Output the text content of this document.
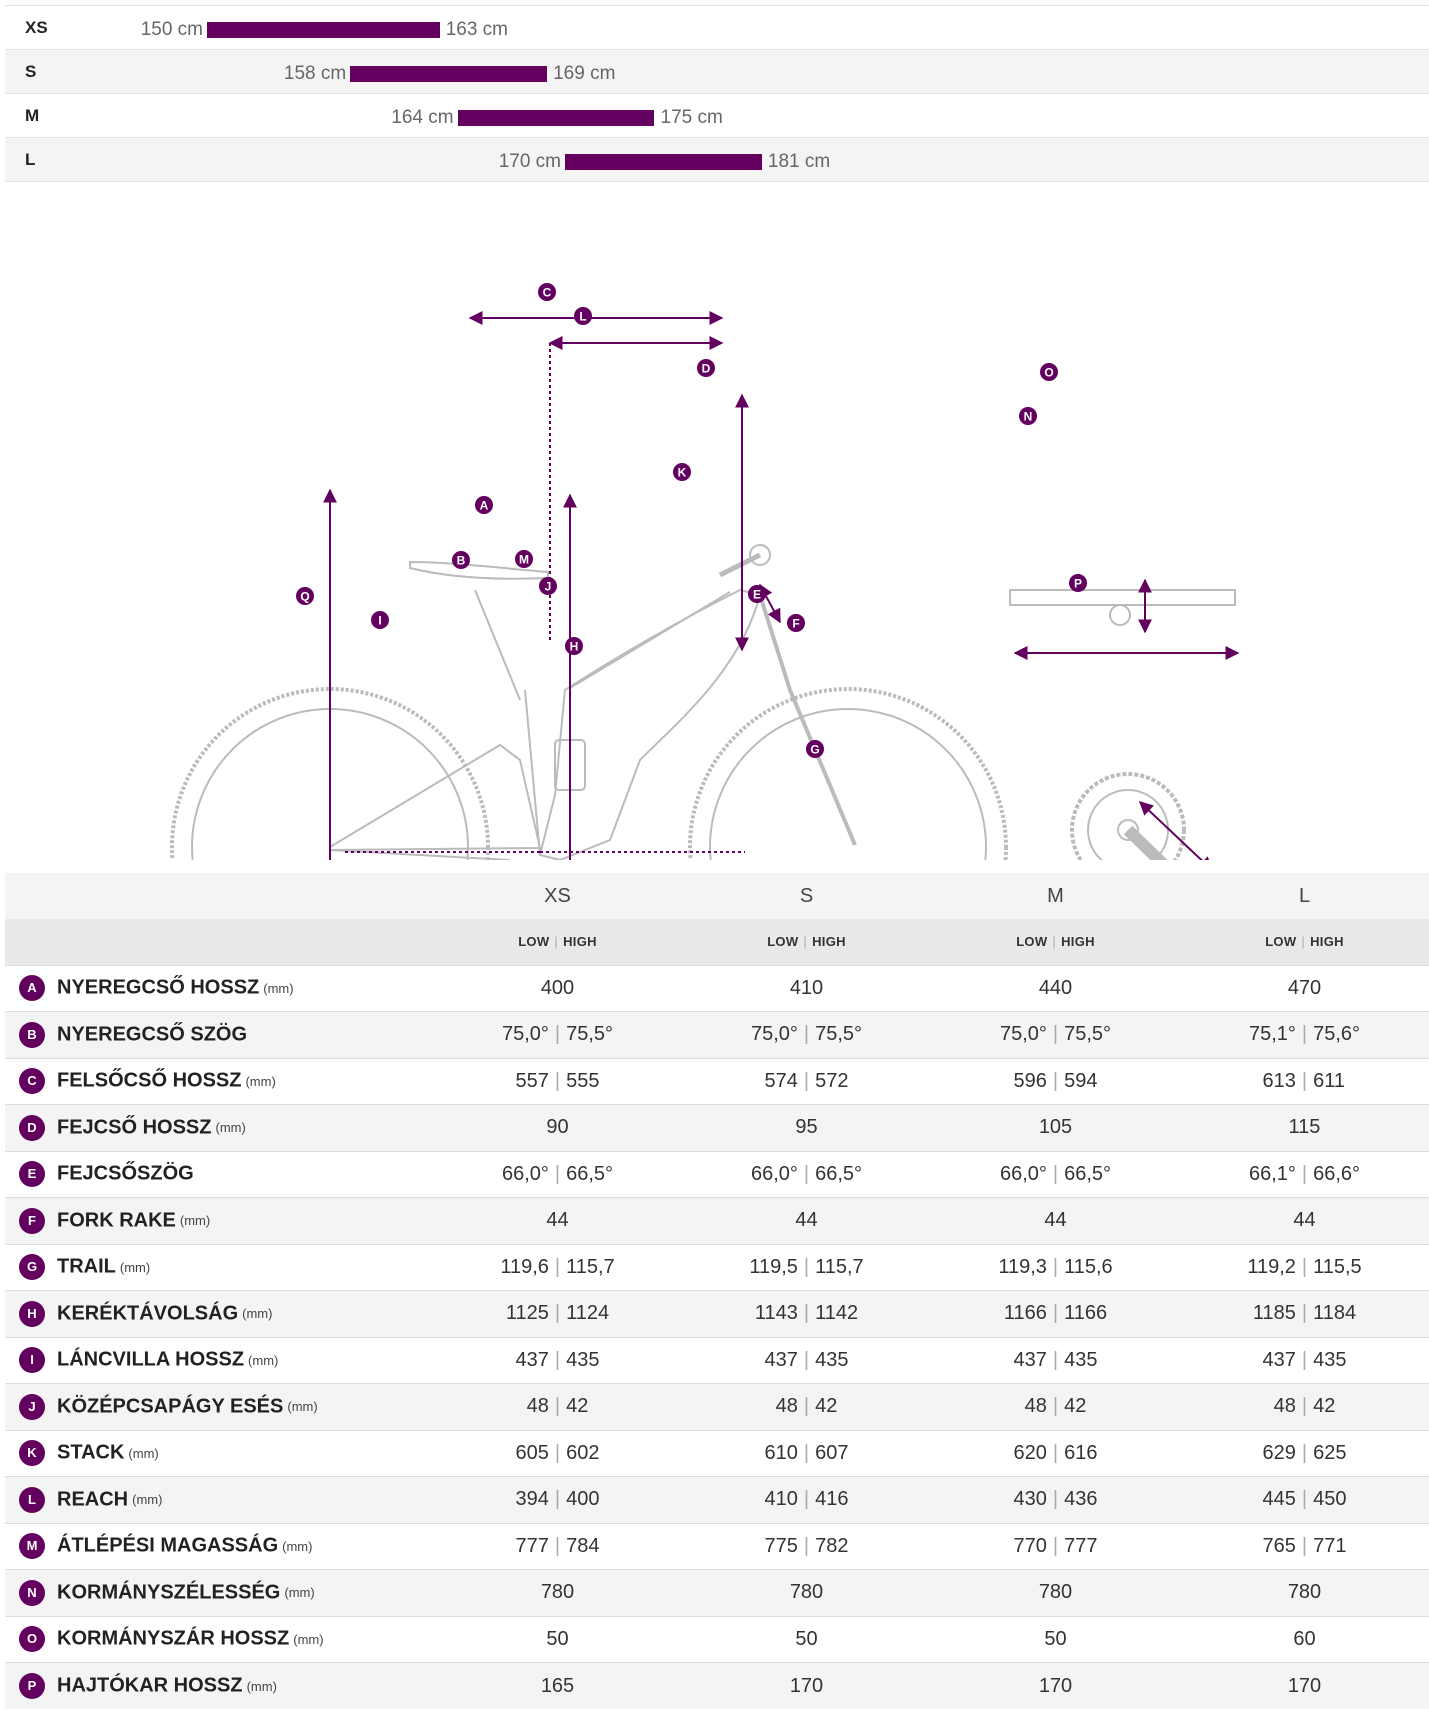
XS	150 cm	163 cm
S	158 cm	169 cm
M	164 cm	175 cm
L	170 cm	181 cm
A
B
C
D
E
F
G
H
I
J
K
L
M
N
O
P
Q
	XS	S	M	L
	LOW | HIGH	LOW | HIGH	LOW | HIGH	LOW | HIGH
A NYEREGCSŐ HOSSZ (mm)	400	410	440	470
B NYEREGCSŐ SZÖG	75,0° | 75,5°	75,0° | 75,5°	75,0° | 75,5°	75,1° | 75,6°
C FELSŐCSŐ HOSSZ (mm)	557 | 555	574 | 572	596 | 594	613 | 611
D FEJCSŐ HOSSZ (mm)	90	95	105	115
E FEJCSŐSZÖG	66,0° | 66,5°	66,0° | 66,5°	66,0° | 66,5°	66,1° | 66,6°
F FORK RAKE (mm)	44	44	44	44
G TRAIL (mm)	119,6 | 115,7	119,5 | 115,7	119,3 | 115,6	119,2 | 115,5
H KERÉKTÁVOLSÁG (mm)	1125 | 1124	1143 | 1142	1166 | 1166	1185 | 1184
I LÁNCVILLA HOSSZ (mm)	437 | 435	437 | 435	437 | 435	437 | 435
J KÖZÉPCSAPÁGY ESÉS (mm)	48 | 42	48 | 42	48 | 42	48 | 42
K STACK (mm)	605 | 602	610 | 607	620 | 616	629 | 625
L REACH (mm)	394 | 400	410 | 416	430 | 436	445 | 450
M ÁTLÉPÉSI MAGASSÁG (mm)	777 | 784	775 | 782	770 | 777	765 | 771
N KORMÁNYSZÉLESSÉG (mm)	780	780	780	780
O KORMÁNYSZÁR HOSSZ (mm)	50	50	50	60
P HAJTÓKAR HOSSZ (mm)	165	170	170	170
